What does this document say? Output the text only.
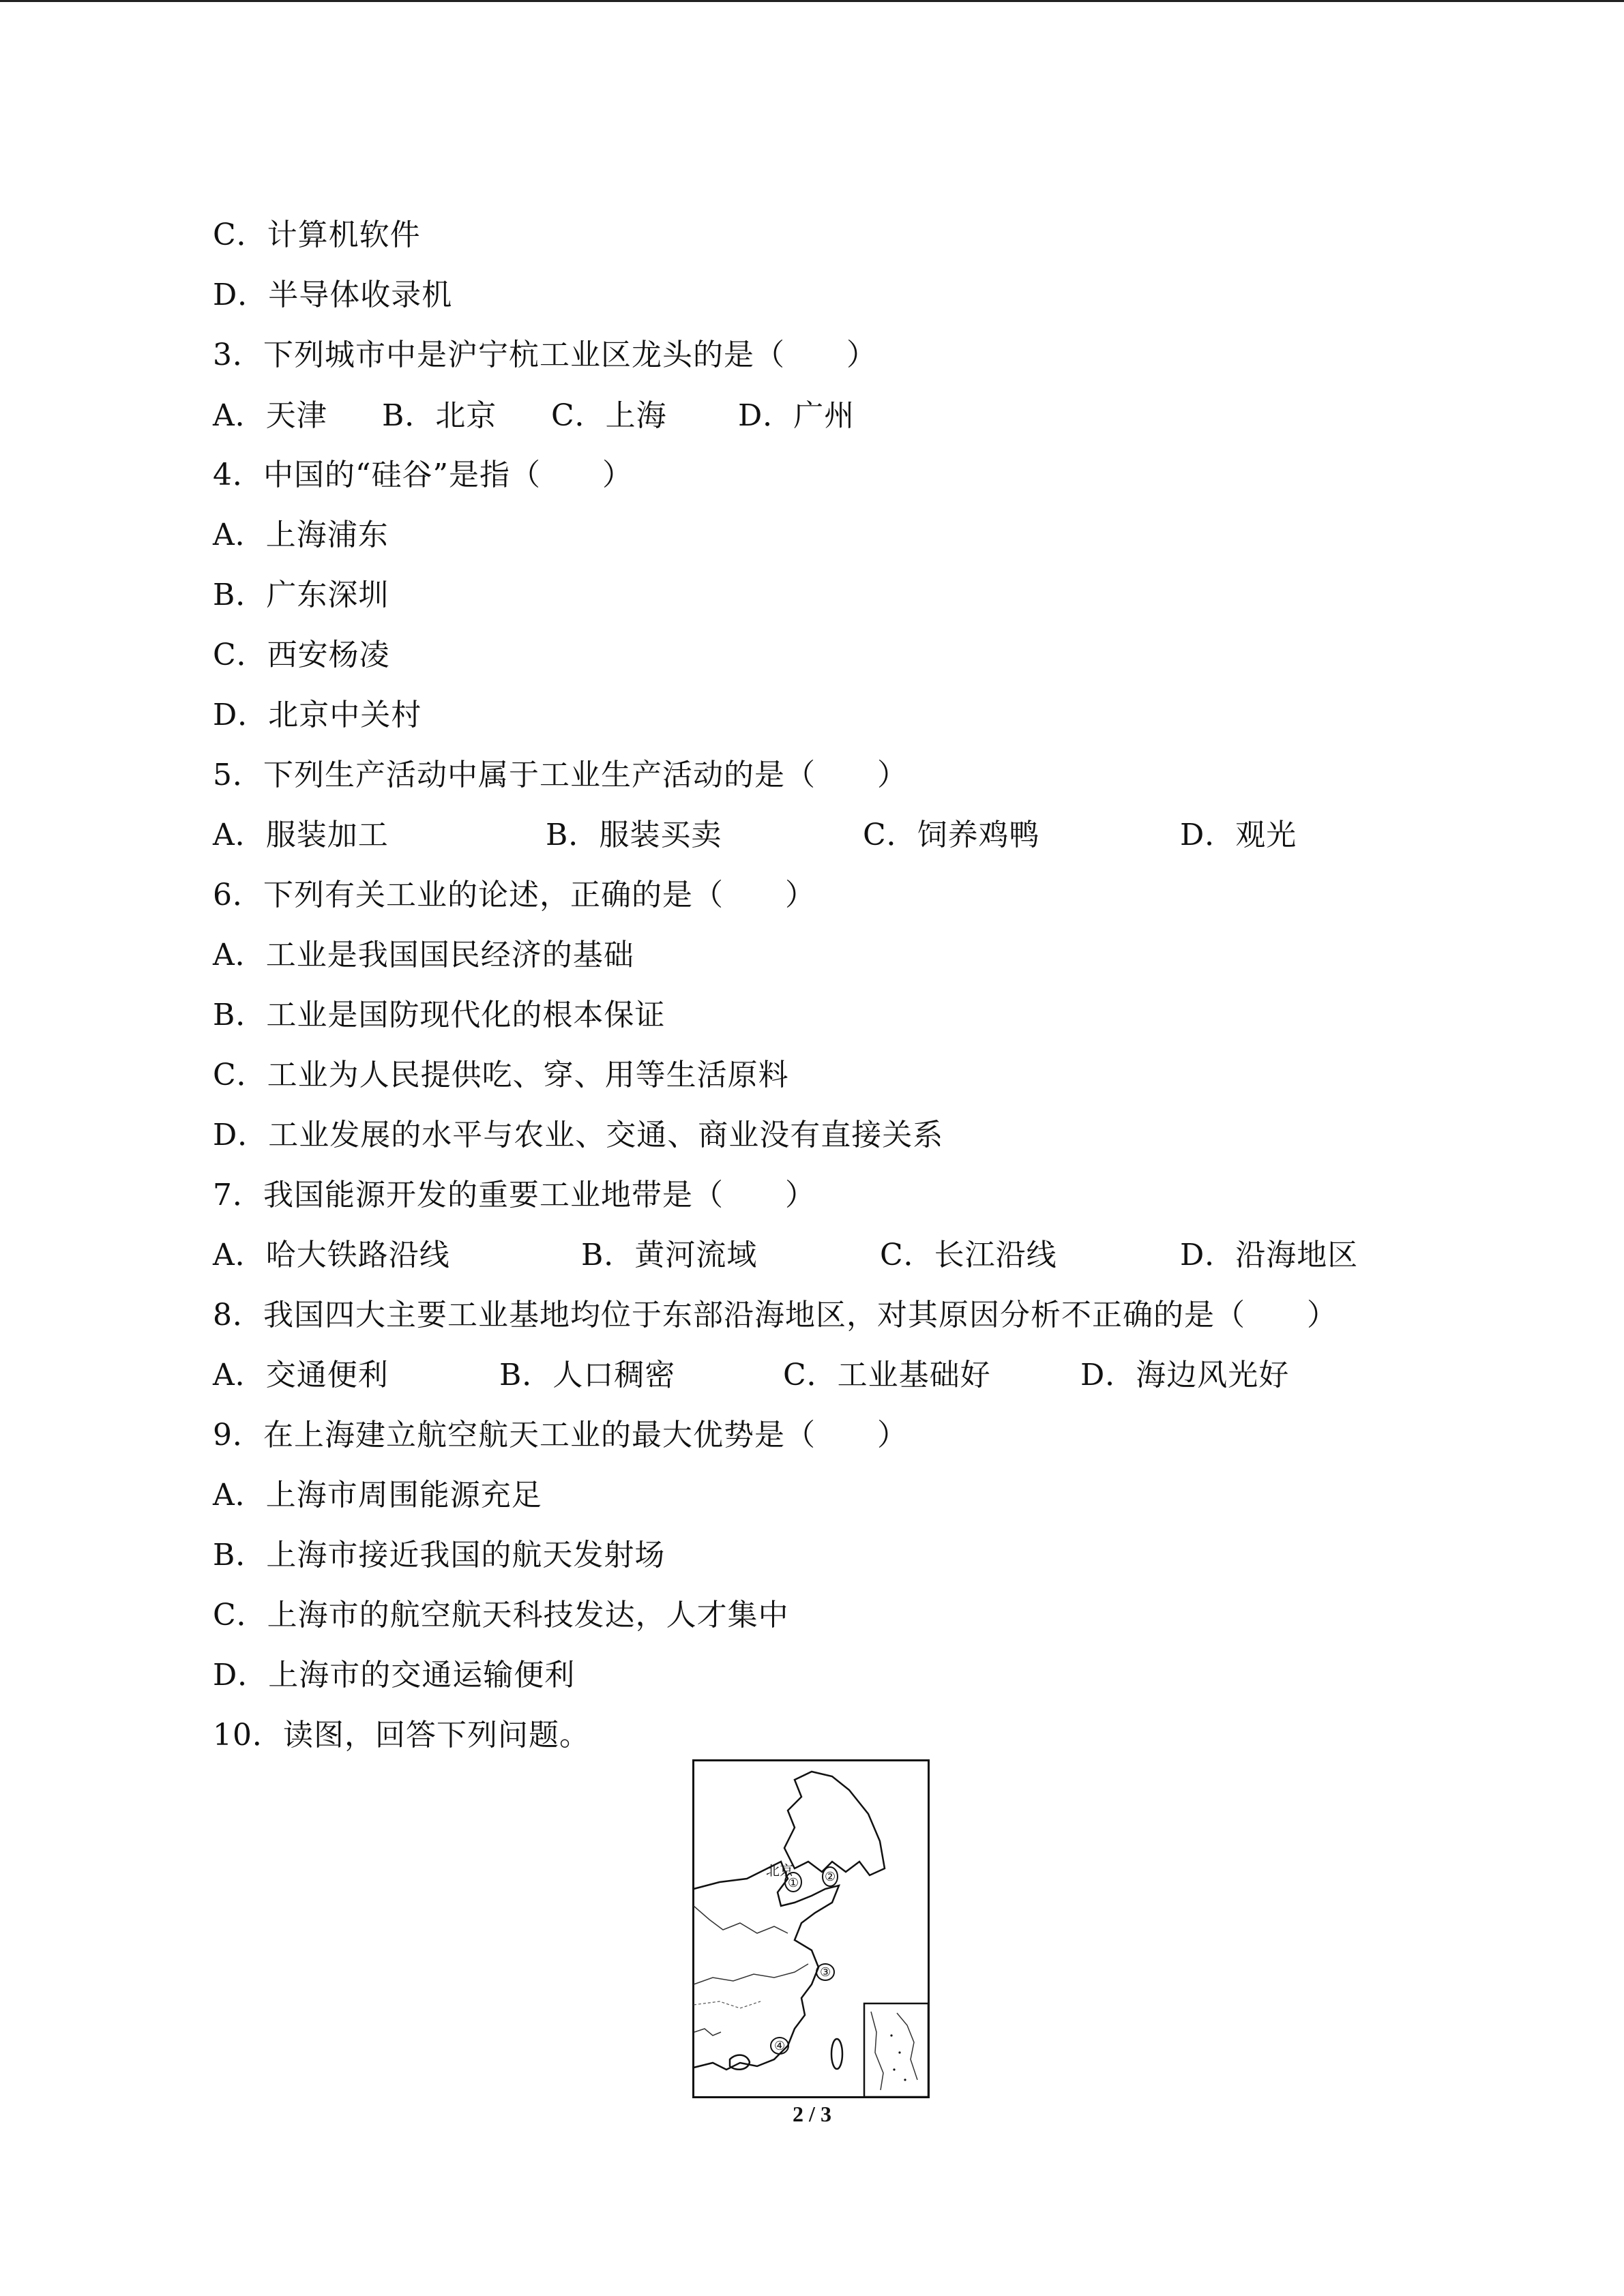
C．计算机软件
D．半导体收录机
3．下列城市中是沪宁杭工业区龙头的是（　　）
A．天津 B．北京 C．上海 D．广州
4．中国的“硅谷”是指（　　）
A．上海浦东
B．广东深圳
C．西安杨凌
D．北京中关村
5．下列生产活动中属于工业生产活动的是（　　）
A．服装加工	B．服装买卖	C．饲养鸡鸭	D．观光
6．下列有关工业的论述，正确的是（　　）
A．工业是我国国民经济的基础
B．工业是国防现代化的根本保证
C．工业为人民提供吃、穿、用等生活原料
D．工业发展的水平与农业、交通、商业没有直接关系
7．我国能源开发的重要工业地带是（　　）
A．哈大铁路沿线	B．黄河流域	C．长江沿线	D．沿海地区
8．我国四大主要工业基地均位于东部沿海地区，对其原因分析不正确的是（　　）
A．交通便利	B．人口稠密	C．工业基础好	D．海边风光好
9．在上海建立航空航天工业的最大优势是（　　）
A．上海市周围能源充足
B．上海市接近我国的航天发射场
C．上海市的航空航天科技发达，人才集中
D．上海市的交通运输便利
10．读图，回答下列问题。
北京
① ②
③
④
2 / 3
